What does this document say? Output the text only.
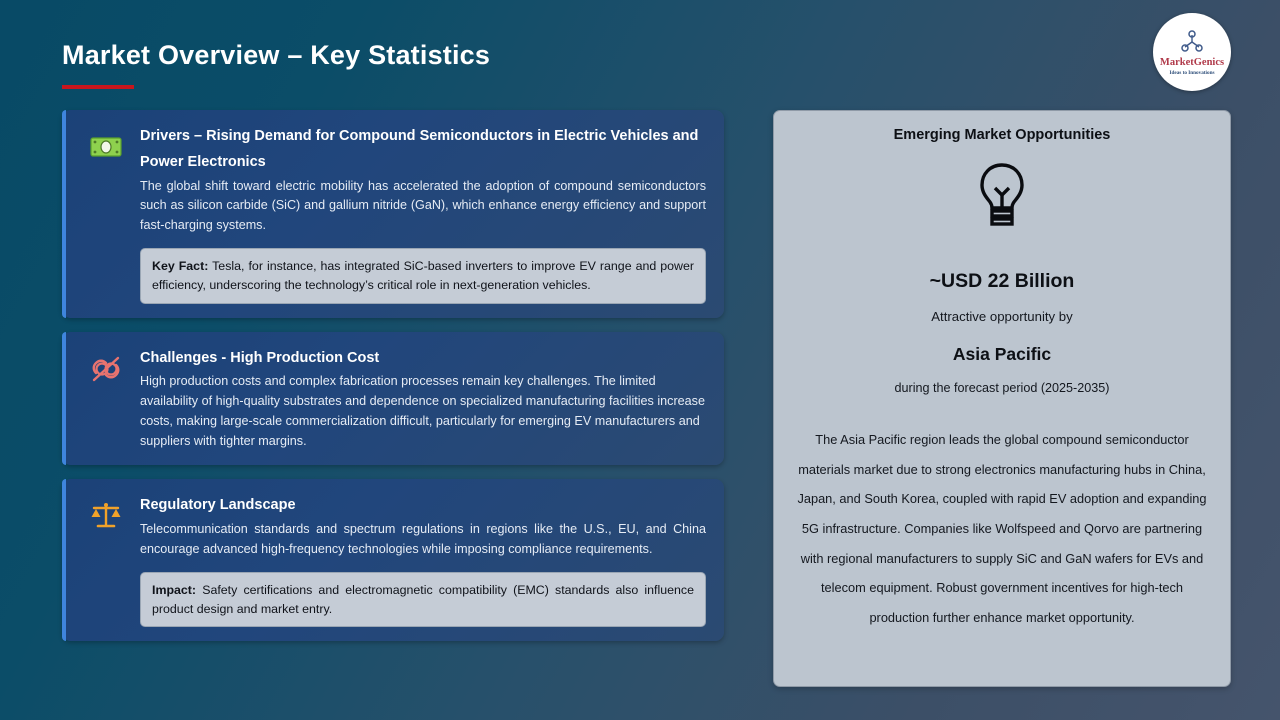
Market Overview – Key Statistics	MarketGenics
Ideas to Innovations
Drivers – Rising Demand for Compound Semiconductors in Electric Vehicles and Power Electronics
The global shift toward electric mobility has accelerated the adoption of compound semiconductors such as silicon carbide (SiC) and gallium nitride (GaN), which enhance energy efficiency and support fast-charging systems.
Key Fact: Tesla, for instance, has integrated SiC-based inverters to improve EV range and power efficiency, underscoring the technology’s critical role in next-generation vehicles.
Challenges - High Production Cost
High production costs and complex fabrication processes remain key challenges. The limited availability of high-quality substrates and dependence on specialized manufacturing facilities increase costs, making large-scale commercialization difficult, particularly for emerging EV manufacturers and suppliers with tighter margins.
Regulatory Landscape
Telecommunication standards and spectrum regulations in regions like the U.S., EU, and China encourage advanced high-frequency technologies while imposing compliance requirements.
Impact: Safety certifications and electromagnetic compatibility (EMC) standards also influence product design and market entry.
Emerging Market Opportunities
~USD 22 Billion
Attractive opportunity by
Asia Pacific
during the forecast period (2025-2035)
The Asia Pacific region leads the global compound semiconductor materials market due to strong electronics manufacturing hubs in China, Japan, and South Korea, coupled with rapid EV adoption and expanding 5G infrastructure. Companies like Wolfspeed and Qorvo are partnering with regional manufacturers to supply SiC and GaN wafers for EVs and telecom equipment. Robust government incentives for high-tech production further enhance market opportunity.
